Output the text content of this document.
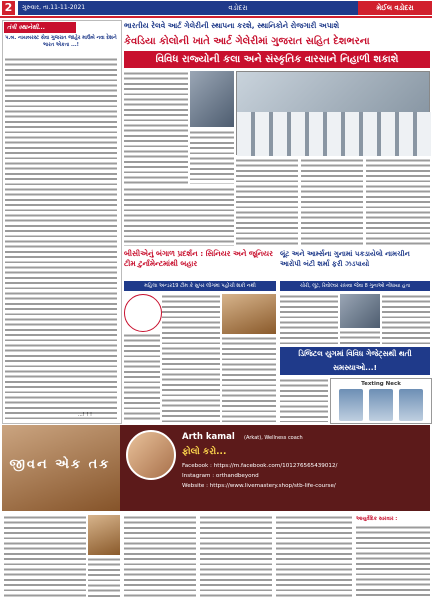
2	ગુરુવાર, તા.11-11-2021	વડોદરા	મેઈલ વડોદરા
તંત્રી સ્થાનેથી...
પ.બ. નાયબરસ્ટ સેવા ગુજરાત જાહેર માઉબે નવા દેશને ભારત એકતા ...!
...! ! !
ભારતીય રેલવે આર્ટ ગેલેરીની સ્થાપના કરશે, સ્થાનિકોને રોજગારી અપાશે
કેવડિયા કોલોની ખાતે આર્ટ ગેલેરીમાં ગુજરાત સહિત દેશભરના
વિવિધ રાજ્યોની કલા અને સંસ્કૃતિક વારસાને નિહાળી શકાશે
બીસીએનું બંગાળ પ્રદર્શન : સિનિયર અને જૂનિયર ટીમ ટુર્નામેન્ટમાંથી બહાર
મહિલા અન્ડર19 ટીમ કે સુપર લીગમાં પહોંચી શકી નથી
લૂંટ અને આર્મ્સના ગુનામાં પકડાયેલો નામચીન આરોપી બંટી શર્મા ફરી ઝડપાયો
ચોરી, લૂંટ, રિવોલ્વર રાખવા જેવા 8 ગુનાઓ નોંધાયા હતા
ડિજિટલ યુગમાં વિવિધ ગેજેટ્સથી થતી સમસ્યાઓ...!
Texting Neck
જીવન એક તક
Arth kamal	(Arkat), Wellness coach
ફોલો કરો...
Facebook : https://m.facebook.com/101276565439012/
Instagram : orthandbeyond
Website : https://www.livemastery.shop/stb-life-course/
આયુર્વેદિક સારવાર :
